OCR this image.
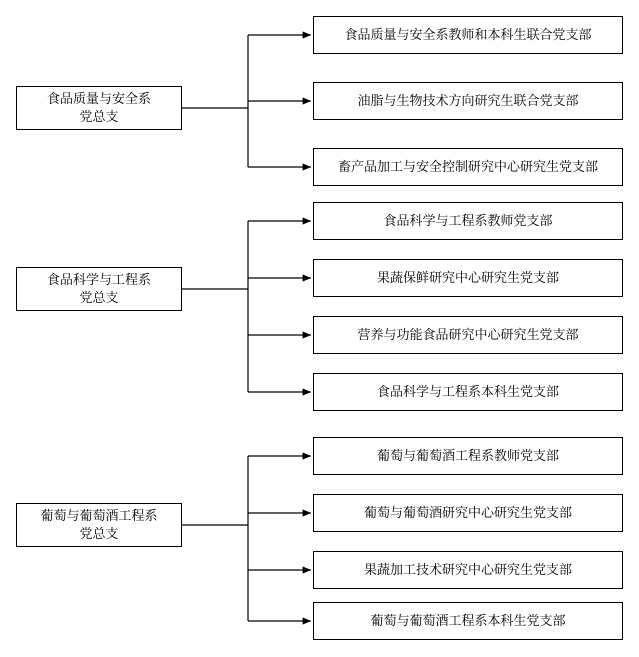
食品质量与安全系
党总支
食品质量与安全系教师和本科生联合党支部
油脂与生物技术方向研究生联合党支部
畜产品加工与安全控制研究中心研究生党支部
食品科学与工程系
党总支
食品科学与工程系教师党支部
果蔬保鲜研究中心研究生党支部
营养与功能食品研究中心研究生党支部
食品科学与工程系本科生党支部
葡萄与葡萄酒工程系
党总支
葡萄与葡萄酒工程系教师党支部
葡萄与葡萄酒研究中心研究生党支部
果蔬加工技术研究中心研究生党支部
葡萄与葡萄酒工程系本科生党支部
